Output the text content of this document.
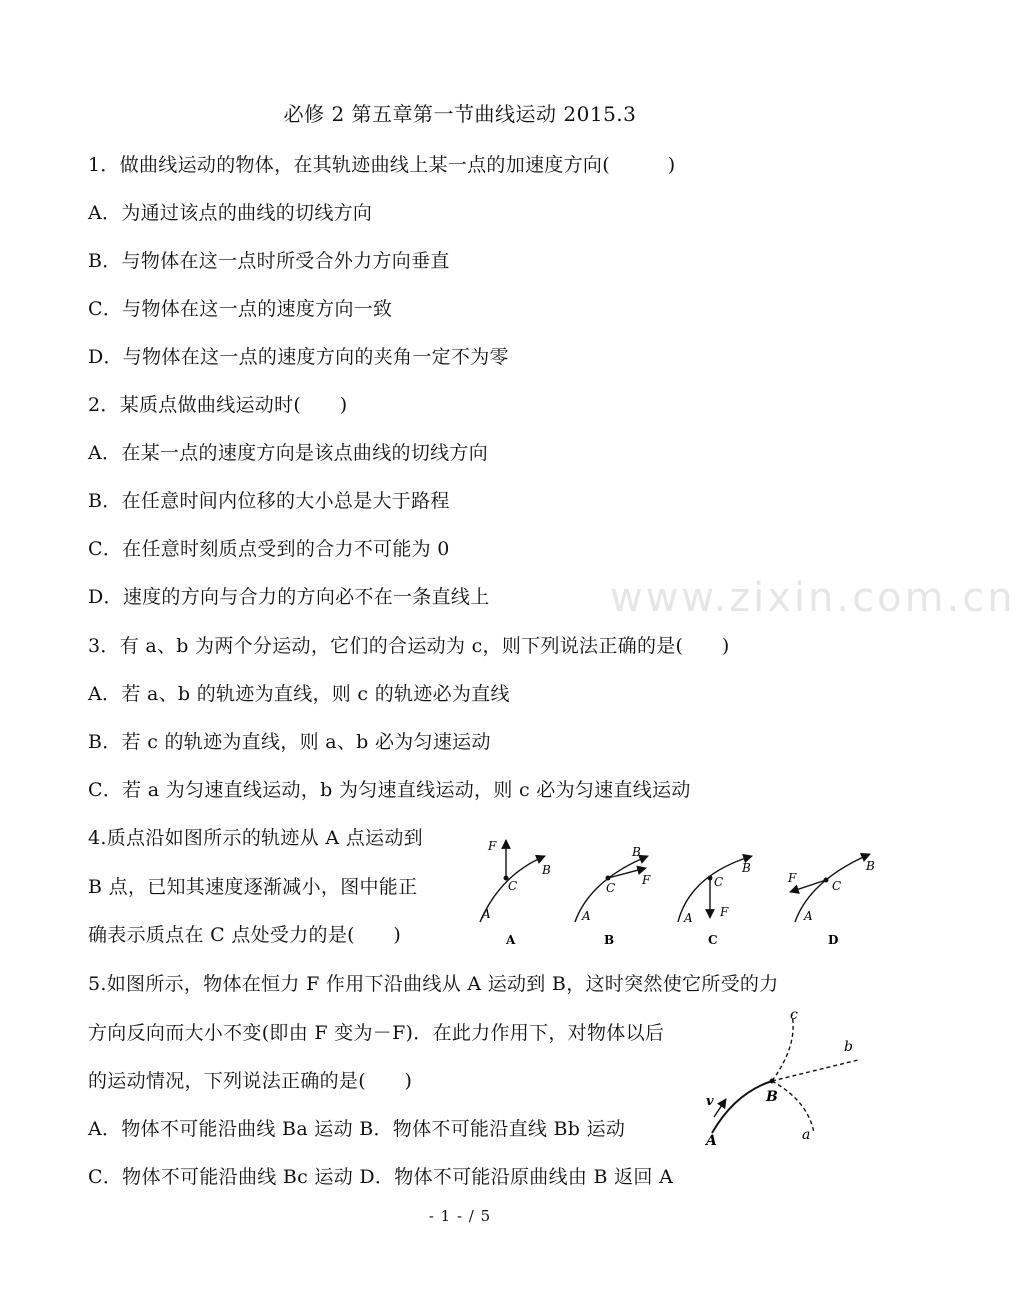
必修 2 第五章第一节曲线运动 2015.3
www.zixin.com.cn
1．做曲线运动的物体，在其轨迹曲线上某一点的加速度方向(　　　)
A．为通过该点的曲线的切线方向
B．与物体在这一点时所受合外力方向垂直
C．与物体在这一点的速度方向一致
D．与物体在这一点的速度方向的夹角一定不为零
2．某质点做曲线运动时(　　)
A．在某一点的速度方向是该点曲线的切线方向
B．在任意时间内位移的大小总是大于路程
C．在任意时刻质点受到的合力不可能为 0
D．速度的方向与合力的方向必不在一条直线上
3．有 a、b 为两个分运动，它们的合运动为 c，则下列说法正确的是(　　)
A．若 a、b 的轨迹为直线，则 c 的轨迹必为直线
B．若 c 的轨迹为直线，则 a、b 必为匀速运动
C．若 a 为匀速直线运动，b 为匀速直线运动，则 c 必为匀速直线运动
4.质点沿如图所示的轨迹从 A 点运动到
B 点，已知其速度逐渐减小，图中能正
确表示质点在 C 点处受力的是(　　)
F
B
C
A
A
B
F
C
A
B
B
C
F
A
C
B
F
C
A
D
5.如图所示，物体在恒力 F 作用下沿曲线从 A 运动到 B，这时突然使它所受的力
方向反向而大小不变(即由 F 变为－F)．在此力作用下，对物体以后
的运动情况，下列说法正确的是(　　)
A．物体不可能沿曲线 Ba 运动 B．物体不可能沿直线 Bb 运动
C．物体不可能沿曲线 Bc 运动 D．物体不可能沿原曲线由 B 返回 A
c
b
B
v
A	a
- 1 - / 5
